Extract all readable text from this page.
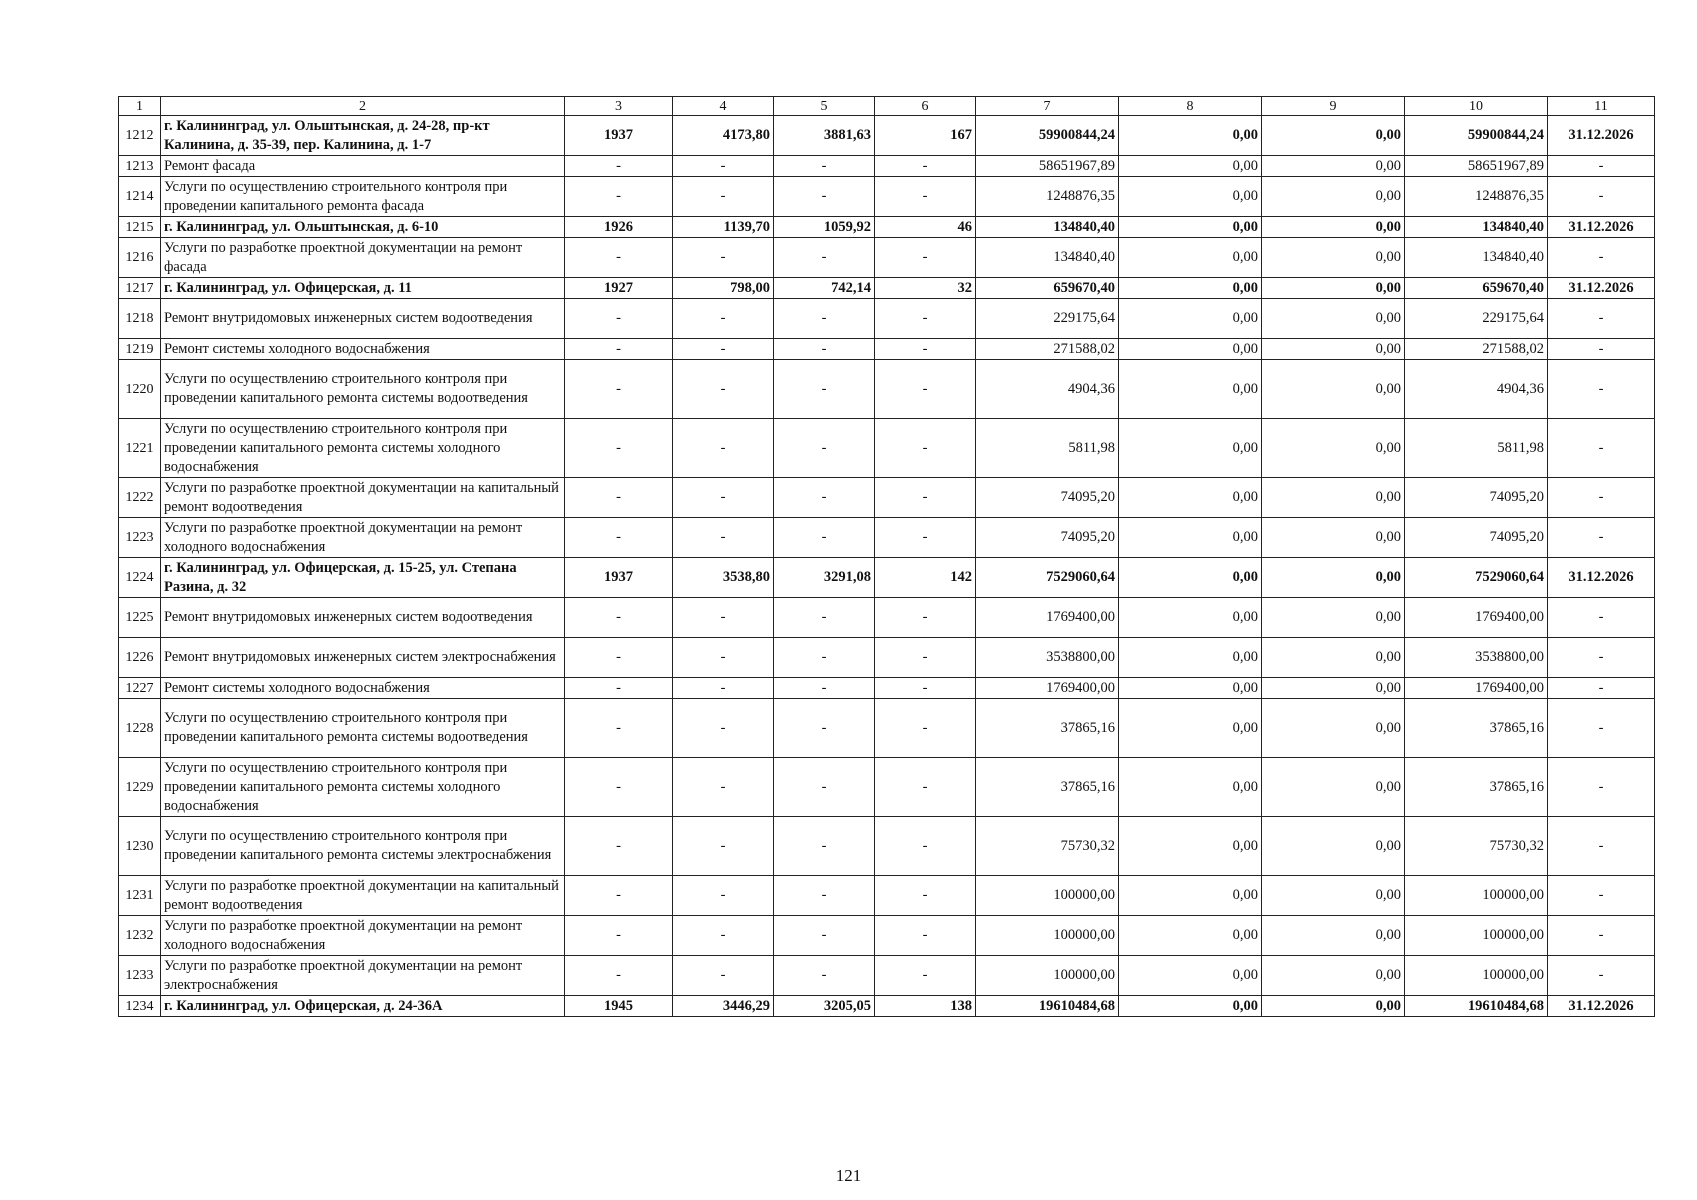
1	2	3	4	5	6	7	8	9	10	11
1212	г. Калининград, ул. Ольштынская, д. 24-28, пр-кт Калинина, д. 35-39, пер. Калинина, д. 1-7	1937	4173,80	3881,63	167	59900844,24	0,00	0,00	59900844,24	31.12.2026
1213	Ремонт фасада	-	-	-	-	58651967,89	0,00	0,00	58651967,89	-
1214	Услуги по осуществлению строительного контроля при проведении капитального ремонта фасада	-	-	-	-	1248876,35	0,00	0,00	1248876,35	-
1215	г. Калининград, ул. Ольштынская, д. 6-10	1926	1139,70	1059,92	46	134840,40	0,00	0,00	134840,40	31.12.2026
1216	Услуги по разработке проектной документации на ремонт фасада	-	-	-	-	134840,40	0,00	0,00	134840,40	-
1217	г. Калининград, ул. Офицерская, д. 11	1927	798,00	742,14	32	659670,40	0,00	0,00	659670,40	31.12.2026
1218	Ремонт внутридомовых инженерных систем водоотведения	-	-	-	-	229175,64	0,00	0,00	229175,64	-
1219	Ремонт системы холодного водоснабжения	-	-	-	-	271588,02	0,00	0,00	271588,02	-
1220	Услуги по осуществлению строительного контроля при проведении капитального ремонта системы водоотведения	-	-	-	-	4904,36	0,00	0,00	4904,36	-
1221	Услуги по осуществлению строительного контроля при проведении капитального ремонта системы холодного водоснабжения	-	-	-	-	5811,98	0,00	0,00	5811,98	-
1222	Услуги по разработке проектной документации на капитальный ремонт водоотведения	-	-	-	-	74095,20	0,00	0,00	74095,20	-
1223	Услуги по разработке проектной документации на ремонт холодного водоснабжения	-	-	-	-	74095,20	0,00	0,00	74095,20	-
1224	г. Калининград, ул. Офицерская, д. 15-25, ул. Степана Разина, д. 32	1937	3538,80	3291,08	142	7529060,64	0,00	0,00	7529060,64	31.12.2026
1225	Ремонт внутридомовых инженерных систем водоотведения	-	-	-	-	1769400,00	0,00	0,00	1769400,00	-
1226	Ремонт внутридомовых инженерных систем электроснабжения	-	-	-	-	3538800,00	0,00	0,00	3538800,00	-
1227	Ремонт системы холодного водоснабжения	-	-	-	-	1769400,00	0,00	0,00	1769400,00	-
1228	Услуги по осуществлению строительного контроля при проведении капитального ремонта системы водоотведения	-	-	-	-	37865,16	0,00	0,00	37865,16	-
1229	Услуги по осуществлению строительного контроля при проведении капитального ремонта системы холодного водоснабжения	-	-	-	-	37865,16	0,00	0,00	37865,16	-
1230	Услуги по осуществлению строительного контроля при проведении капитального ремонта системы электроснабжения	-	-	-	-	75730,32	0,00	0,00	75730,32	-
1231	Услуги по разработке проектной документации на капитальный ремонт водоотведения	-	-	-	-	100000,00	0,00	0,00	100000,00	-
1232	Услуги по разработке проектной документации на ремонт холодного водоснабжения	-	-	-	-	100000,00	0,00	0,00	100000,00	-
1233	Услуги по разработке проектной документации на ремонт электроснабжения	-	-	-	-	100000,00	0,00	0,00	100000,00	-
1234	г. Калининград, ул. Офицерская, д. 24-36А	1945	3446,29	3205,05	138	19610484,68	0,00	0,00	19610484,68	31.12.2026
121
